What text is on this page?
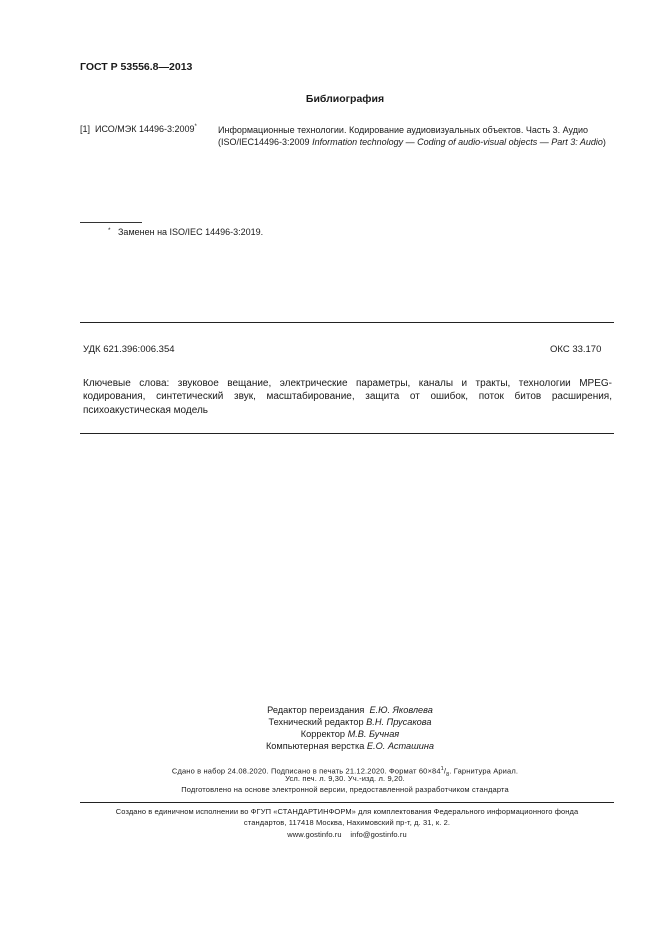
ГОСТ Р 53556.8—2013
Библиография
[1] ИСО/МЭК 14496-3:2009* Информационные технологии. Кодирование аудиовизуальных объектов. Часть 3. Аудио (ISO/IEC14496-3:2009 Information technology — Coding of audio-visual objects — Part 3: Audio)
* Заменен на ISO/IEC 14496-3:2019.
УДК 621.396:006.354	ОКС 33.170
Ключевые слова: звуковое вещание, электрические параметры, каналы и тракты, технологии MPEG-кодирования, синтетический звук, масштабирование, защита от ошибок, поток битов расширения, психоакустическая модель
Редактор переиздания Е.Ю. Яковлева
Технический редактор В.Н. Прусакова
Корректор М.В. Бучная
Компьютерная верстка Е.О. Асташина
Сдано в набор 24.08.2020. Подписано в печать 21.12.2020. Формат $60\times 84^1/_8$. Гарнитура Ариал.
Усл. печ. л. 9,30. Уч.-изд. л. 9,20.
Подготовлено на основе электронной версии, предоставленной разработчиком стандарта
Создано в единичном исполнении во ФГУП «СТАНДАРТИНФОРМ» для комплектования Федерального информационного фонда
стандартов, 117418 Москва, Нахимовский пр-т, д. 31, к. 2.
www.gostinfo.ru    info@gostinfo.ru
